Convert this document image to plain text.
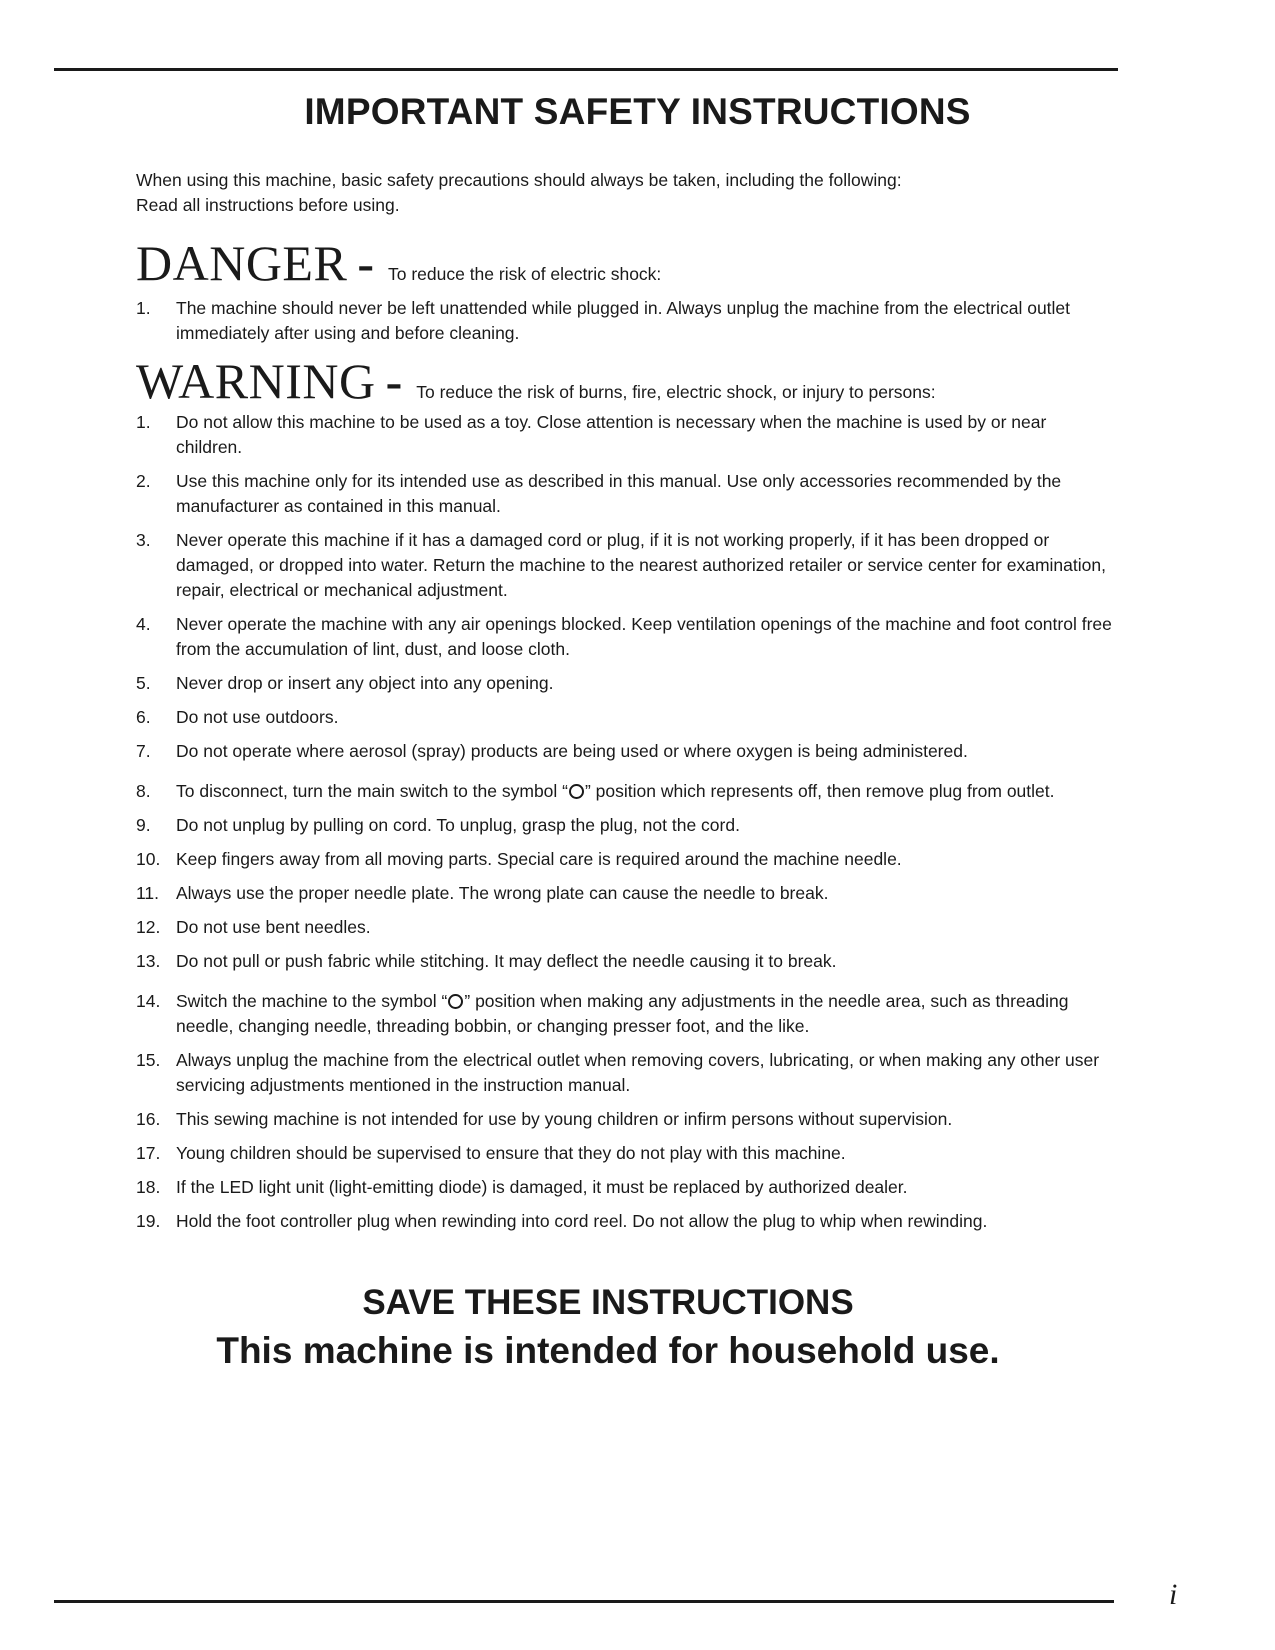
IMPORTANT SAFETY INSTRUCTIONS
When using this machine, basic safety precautions should always be taken, including the following:
Read all instructions before using.
DANGER - To reduce the risk of electric shock:
1.	The machine should never be left unattended while plugged in. Always unplug the machine from the electrical outlet immediately after using and before cleaning.
WARNING - To reduce the risk of burns, fire, electric shock, or injury to persons:
1.	Do not allow this machine to be used as a toy. Close attention is necessary when the machine is used by or near children.
2.	Use this machine only for its intended use as described in this manual. Use only accessories recommended by the manufacturer as contained in this manual.
3.	Never operate this machine if it has a damaged cord or plug, if it is not working properly, if it has been dropped or damaged, or dropped into water. Return the machine to the nearest authorized retailer or service center for examination, repair, electrical or mechanical adjustment.
4.	Never operate the machine with any air openings blocked. Keep ventilation openings of the machine and foot control free from the accumulation of lint, dust, and loose cloth.
5.	Never drop or insert any object into any opening.
6.	Do not use outdoors.
7.	Do not operate where aerosol (spray) products are being used or where oxygen is being administered.
8.	To disconnect, turn the main switch to the symbol “ ” position which represents off, then remove plug from outlet.
9.	Do not unplug by pulling on cord. To unplug, grasp the plug, not the cord.
10. Keep fingers away from all moving parts. Special care is required around the machine needle.
11. Always use the proper needle plate. The wrong plate can cause the needle to break.
12. Do not use bent needles.
13. Do not pull or push fabric while stitching. It may deflect the needle causing it to break.
14. Switch the machine to the symbol “ ” position when making any adjustments in the needle area, such as threading needle, changing needle, threading bobbin, or changing presser foot, and the like.
15. Always unplug the machine from the electrical outlet when removing covers, lubricating, or when making any other user servicing adjustments mentioned in the instruction manual.
16. This sewing machine is not intended for use by young children or infirm persons without supervision.
17. Young children should be supervised to ensure that they do not play with this machine.
18. If the LED light unit (light-emitting diode) is damaged, it must be replaced by authorized dealer.
19. Hold the foot controller plug when rewinding into cord reel. Do not allow the plug to whip when rewinding.
SAVE THESE INSTRUCTIONS
This machine is intended for household use.
i
